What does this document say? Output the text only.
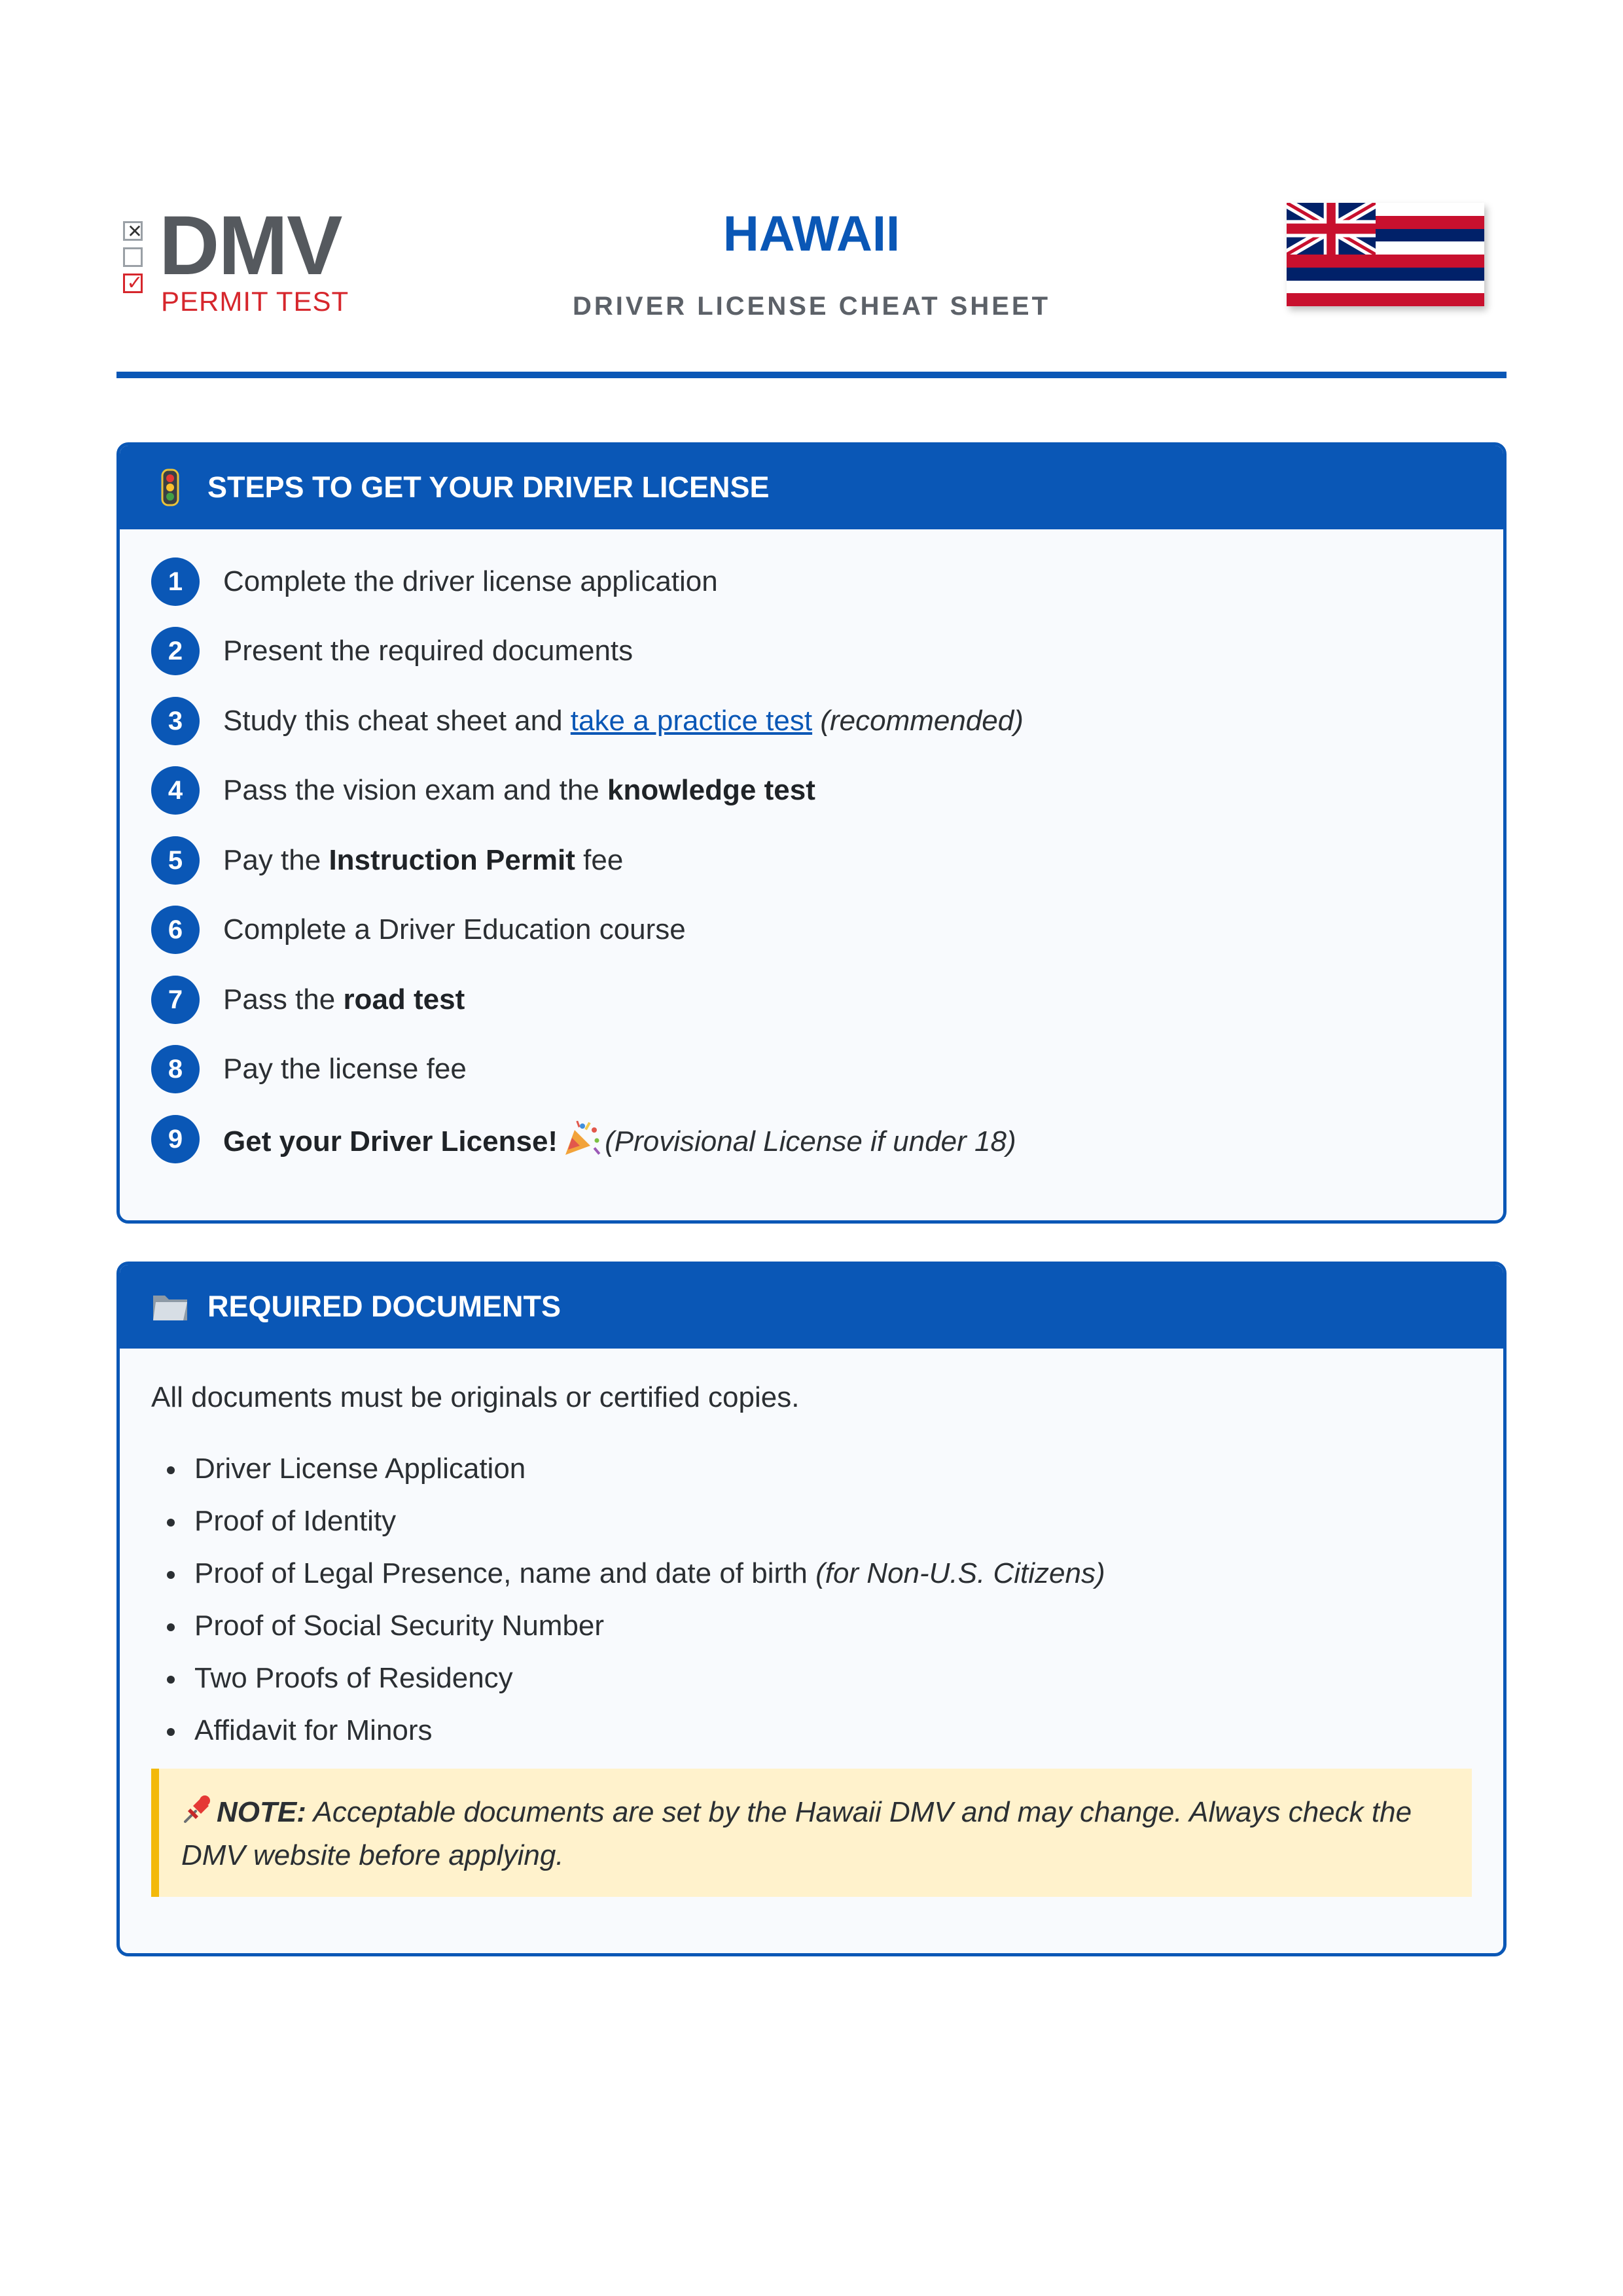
✕
✓ DMV
PERMIT TEST
HAWAII
DRIVER LICENSE CHEAT SHEET
STEPS TO GET YOUR DRIVER LICENSE
1	Complete the driver license application
2	Present the required documents
3	Study this cheat sheet and take a practice test (recommended)
4	Pass the vision exam and the knowledge test
5	Pay the Instruction Permit fee
6	Complete a Driver Education course
7	Pass the road test
8	Pay the license fee
9	Get your Driver License! (Provisional License if under 18)
REQUIRED DOCUMENTS
All documents must be originals or certified copies.
Driver License Application
Proof of Identity
Proof of Legal Presence, name and date of birth (for Non-U.S. Citizens)
Proof of Social Security Number
Two Proofs of Residency
Affidavit for Minors
NOTE: Acceptable documents are set by the Hawaii DMV and may change. Always check the DMV website before applying.
